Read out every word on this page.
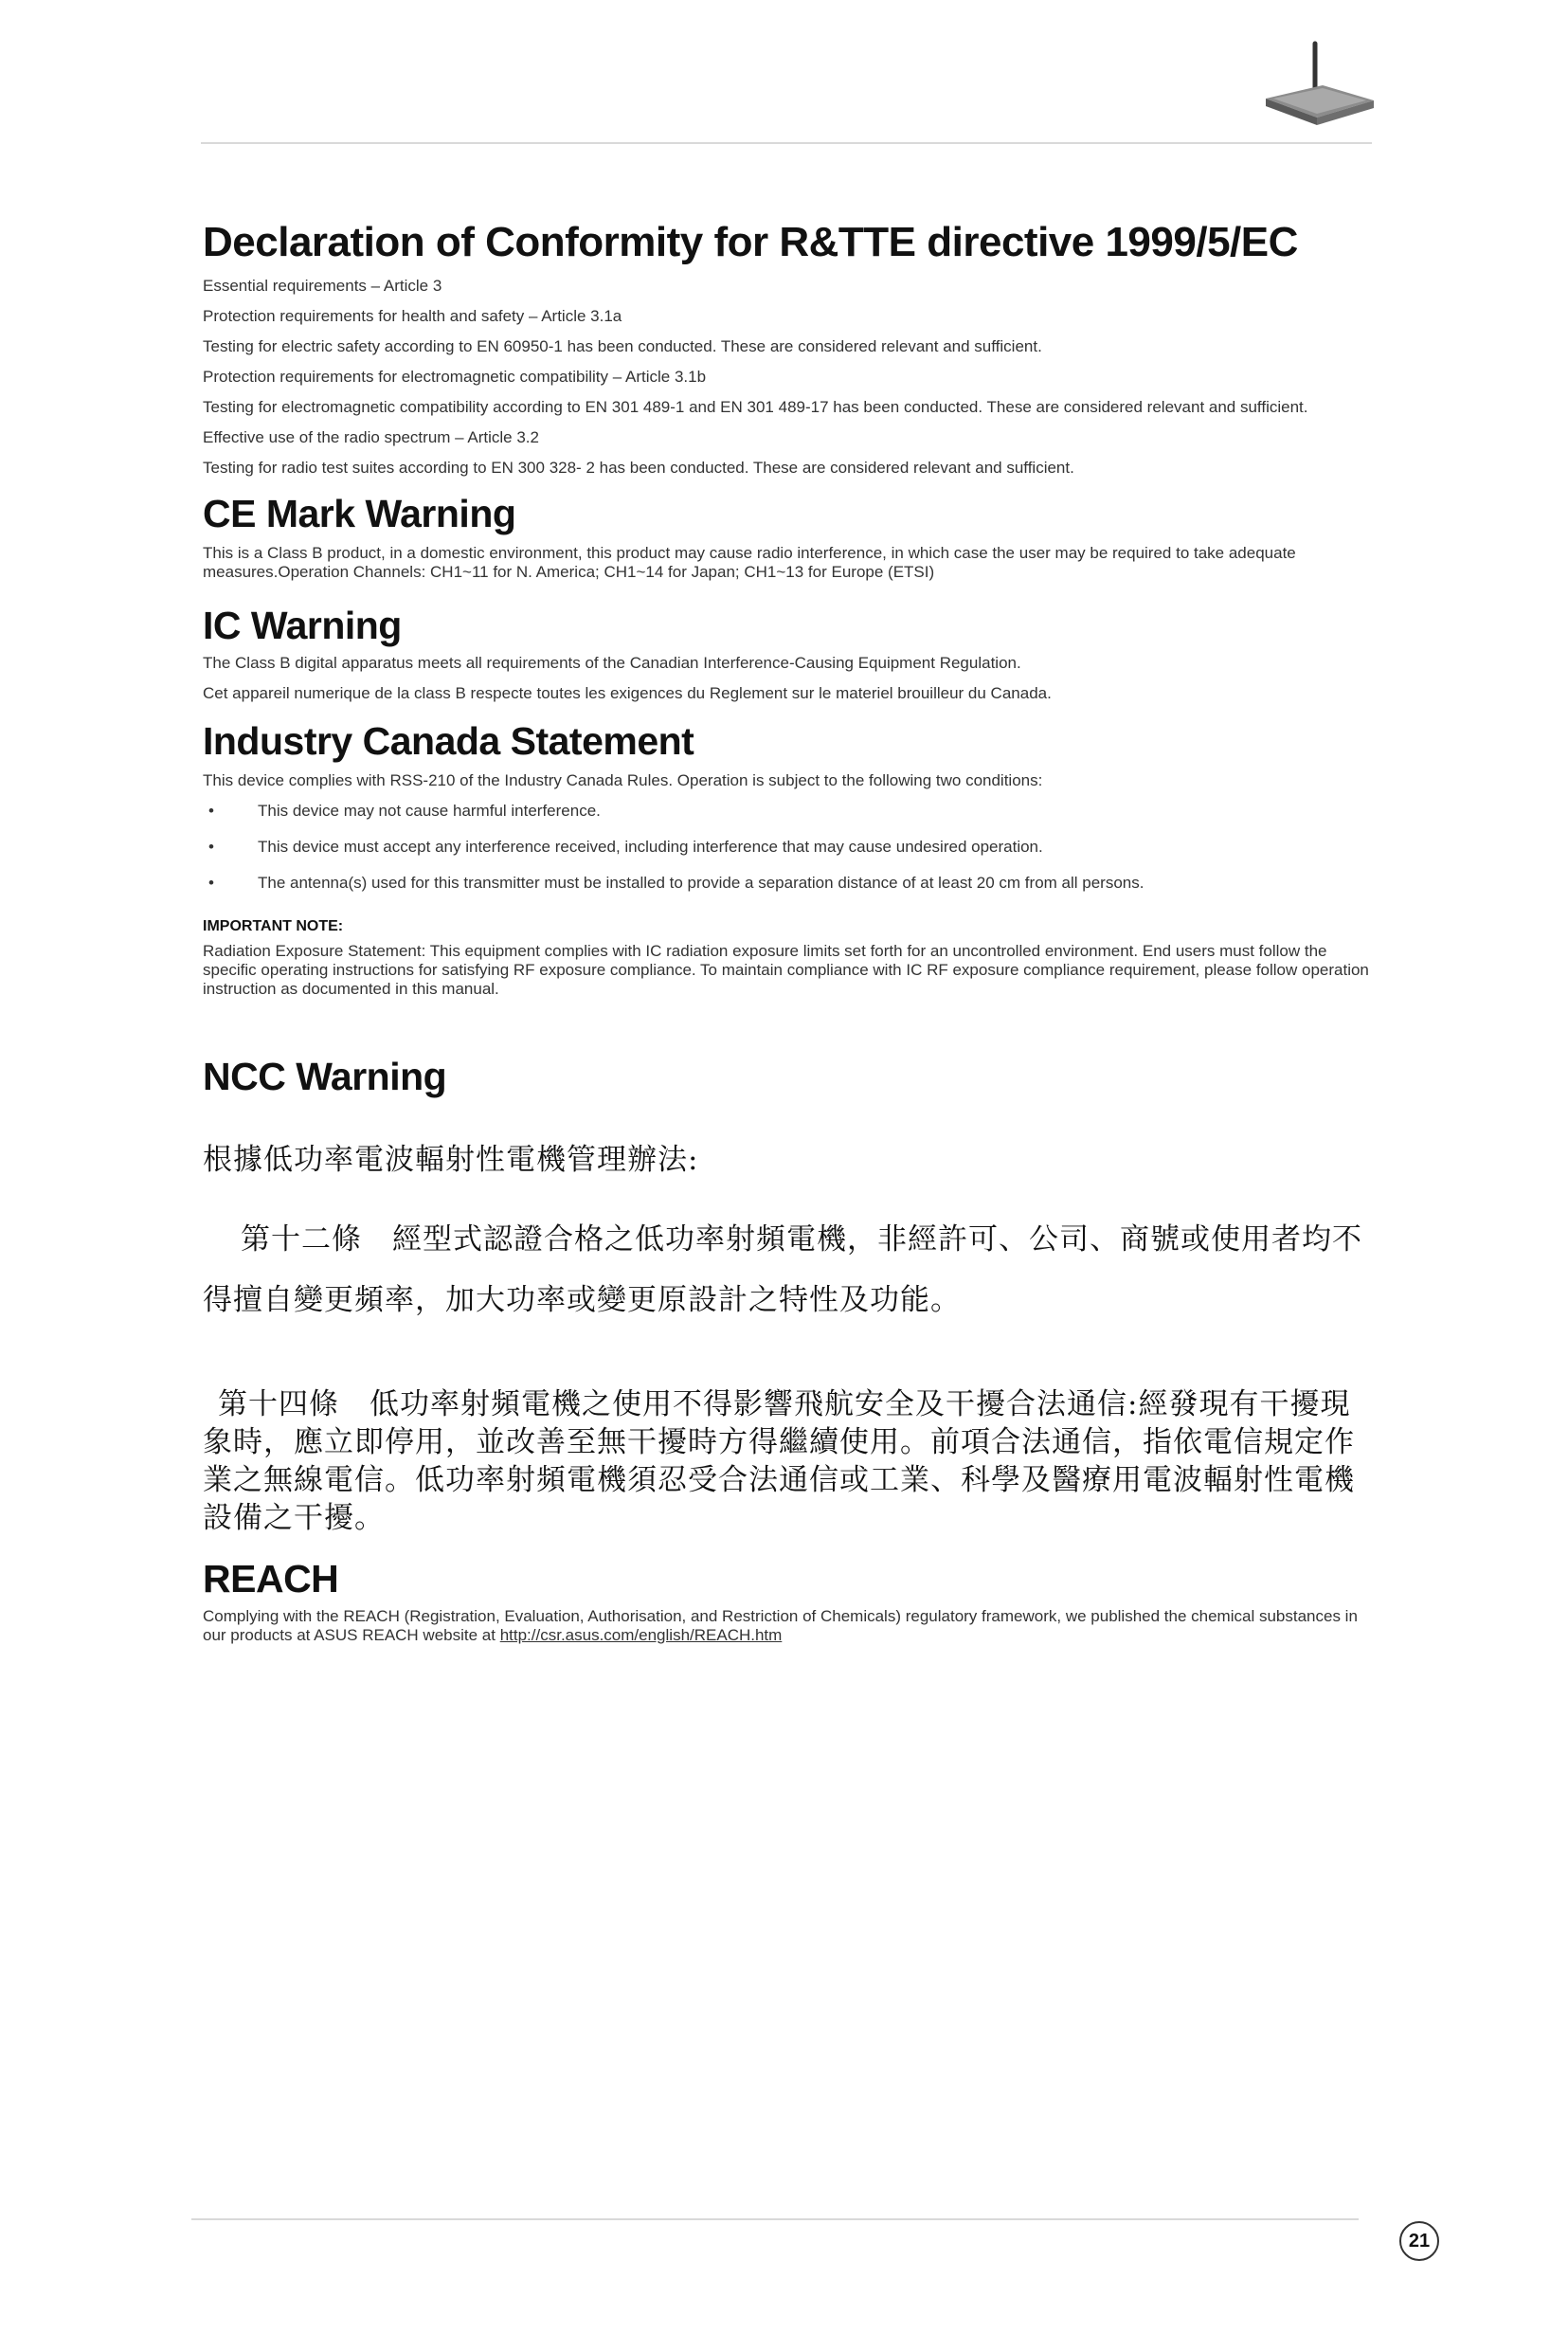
Declaration of Conformity for R&TTE directive 1999/5/EC

Essential requirements – Article 3

Protection requirements for health and safety – Article 3.1a

Testing for electric safety according to EN 60950-1 has been conducted. These are considered relevant and sufficient.

Protection requirements for electromagnetic compatibility – Article 3.1b

Testing for electromagnetic compatibility according to EN 301 489-1 and EN 301 489-17 has been conducted. These are considered relevant and sufficient.

Effective use of the radio spectrum – Article 3.2

Testing for radio test suites according to EN 300 328- 2 has been conducted. These are considered relevant and sufficient.

CE Mark Warning

This is a Class B product, in a domestic environment, this product may cause radio interference, in which case the user may be required to take adequate measures.Operation Channels: CH1~11 for N. America; CH1~14 for Japan; CH1~13 for Europe (ETSI)

IC Warning

The Class B digital apparatus meets all requirements of the Canadian Interference-Causing Equipment Regulation.

Cet appareil numerique de la class B respecte toutes les exigences du Reglement sur le materiel brouilleur du Canada.

Industry Canada Statement

This device complies with RSS-210 of the Industry Canada Rules. Operation is subject to the following two conditions:

•	This device may not cause harmful interference.
•	This device must accept any interference received, including interference that may cause undesired operation.
•	The antenna(s) used for this transmitter must be installed to provide a separation distance of at least 20 cm from all persons.
IMPORTANT NOTE:

Radiation Exposure Statement: This equipment complies with IC radiation exposure limits set forth for an uncontrolled environment. End users must follow the specific operating instructions for satisfying RF exposure compliance. To maintain compliance with IC RF exposure compliance requirement, please follow operation instruction as documented in this manual.

NCC Warning
根據低功率電波輻射性電機管理辦法:
第十二條　經型式認證合格之低功率射頻電機，非經許可、公司、商號或使用者均不得擅自變更頻率，加大功率或變更原設計之特性及功能。
第十四條　低功率射頻電機之使用不得影響飛航安全及干擾合法通信:經發現有干擾現象時，應立即停用，並改善至無干擾時方得繼續使用。前項合法通信，指依電信規定作業之無線電信。低功率射頻電機須忍受合法通信或工業、科學及醫療用電波輻射性電機設備之干擾。
REACH

Complying with the REACH (Registration, Evaluation, Authorisation, and Restriction of Chemicals) regulatory framework, we published the chemical substances in our products at ASUS REACH website at http://csr.asus.com/english/REACH.htm

21
